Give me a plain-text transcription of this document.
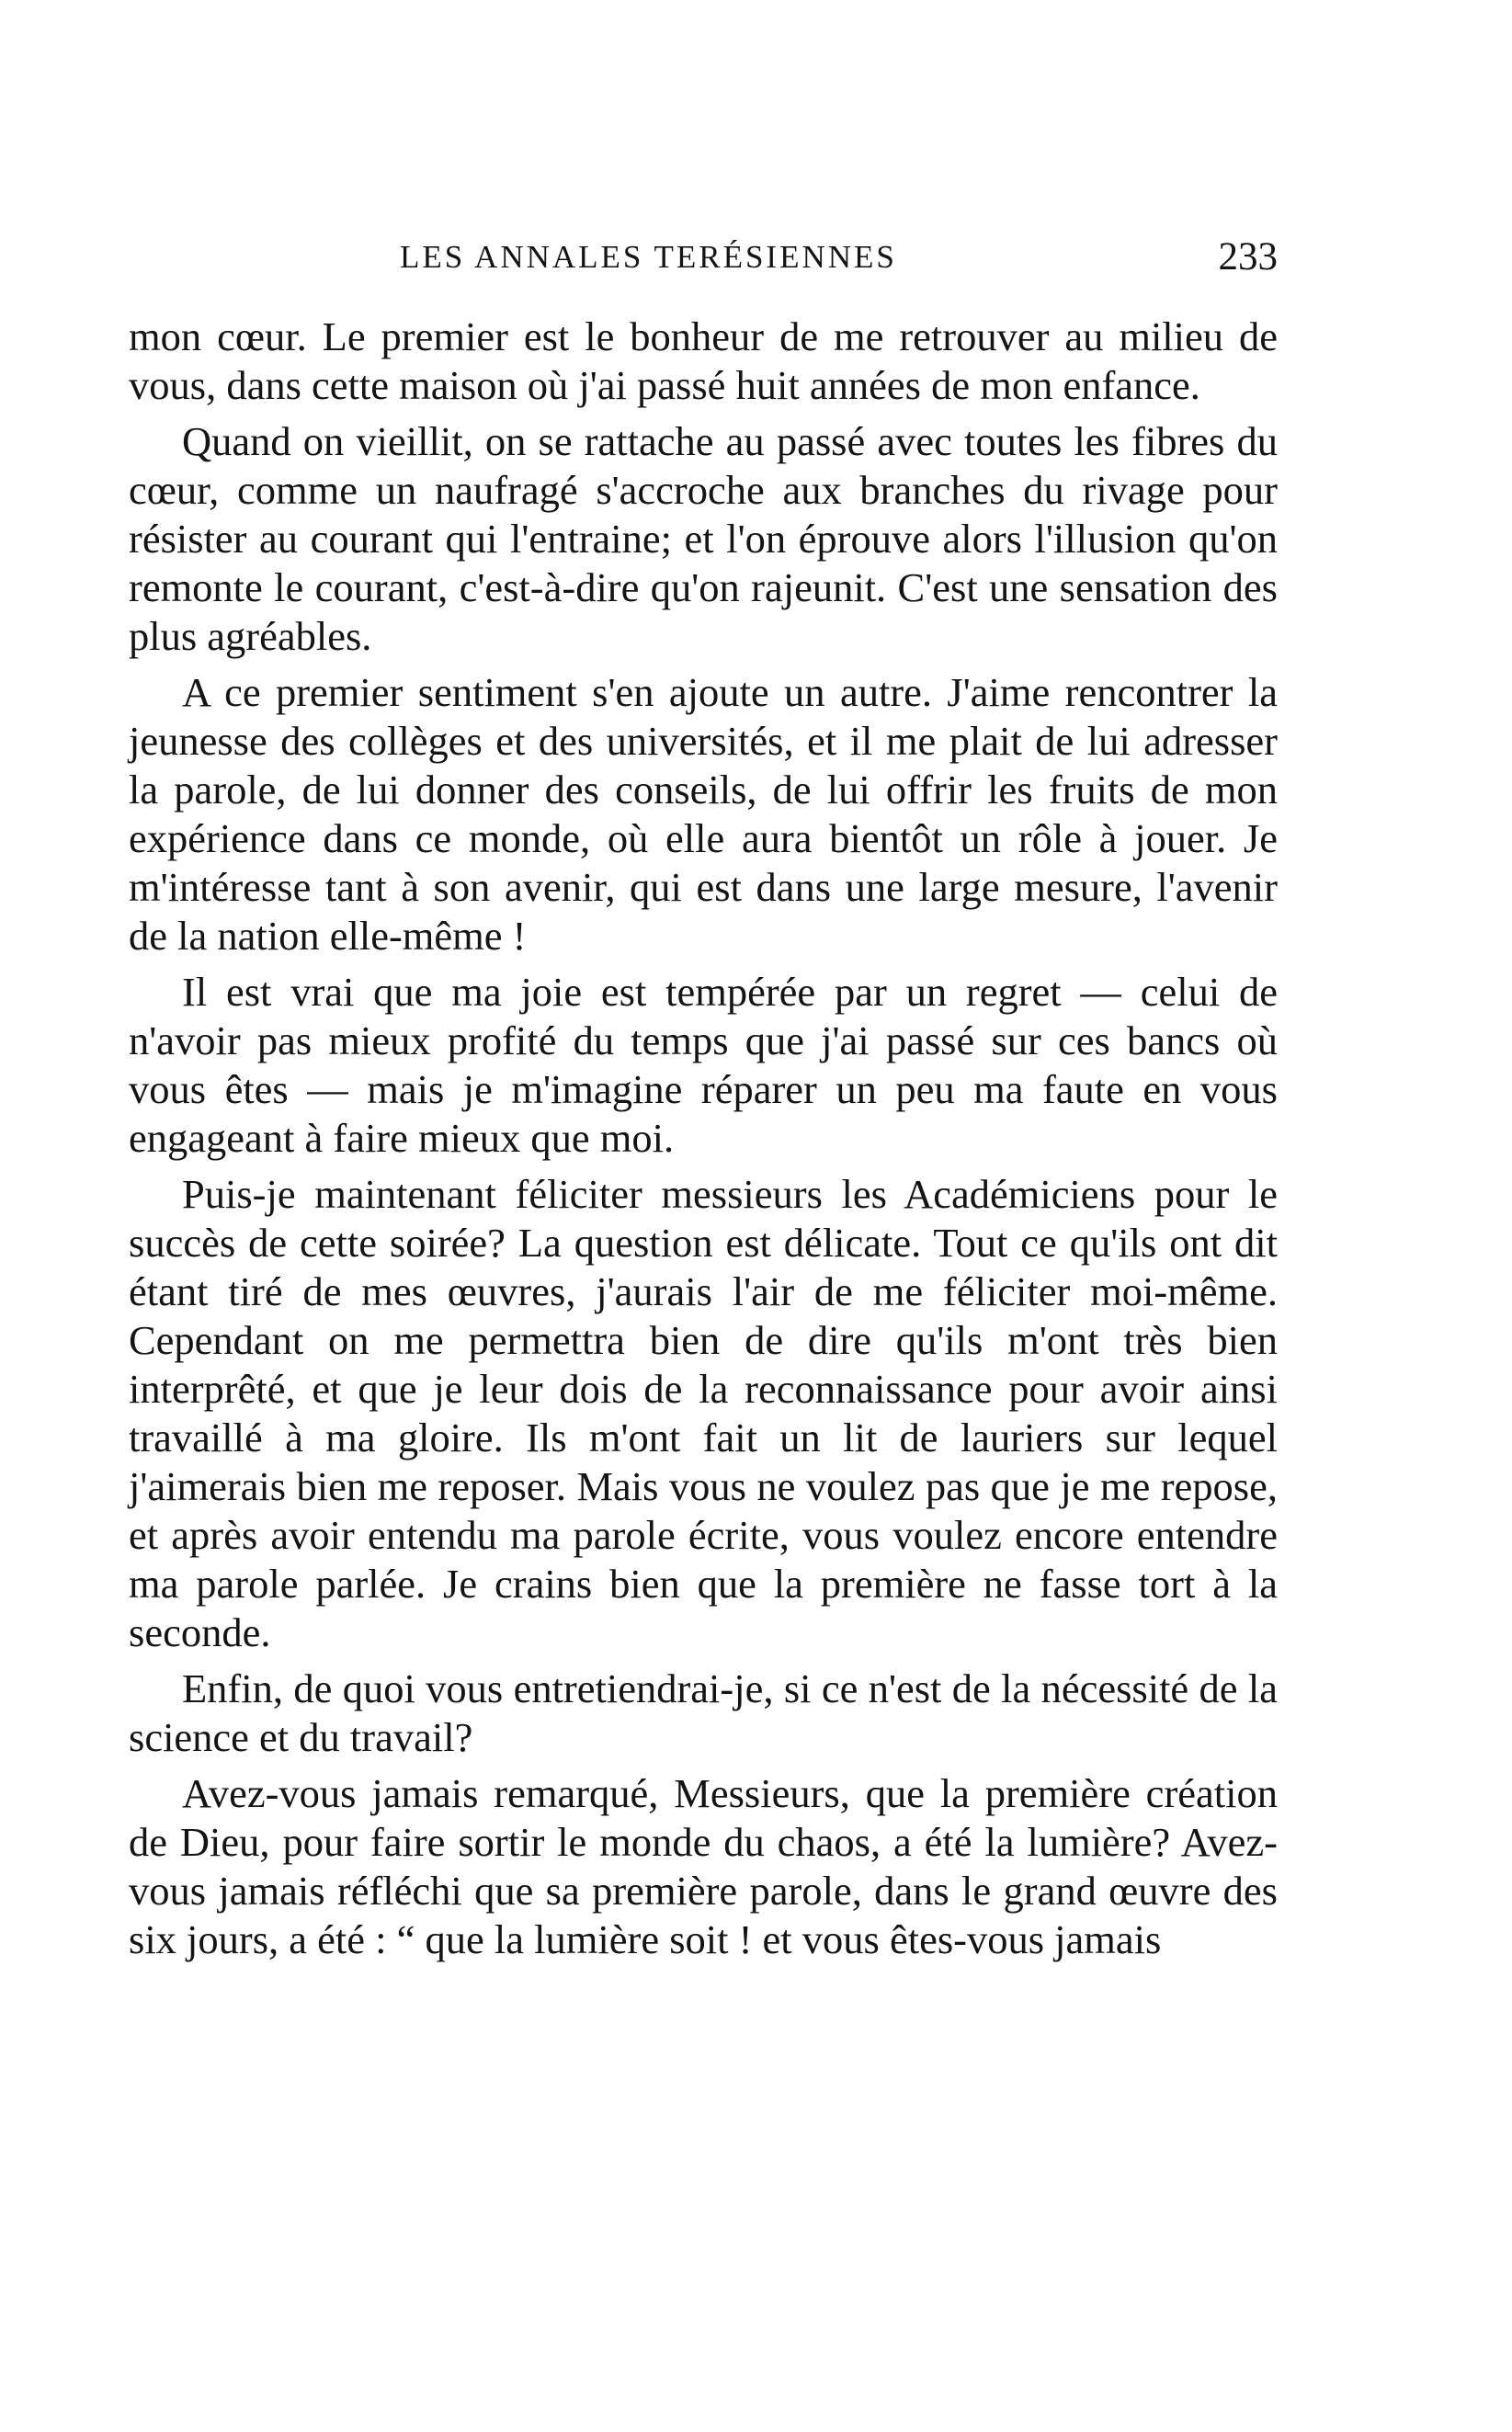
LES ANNALES TERÉSIENNES	233

mon cœur. Le premier est le bonheur de me retrouver au milieu de vous, dans cette maison où j'ai passé huit années de mon enfance.

Quand on vieillit, on se rattache au passé avec toutes les fibres du cœur, comme un naufragé s'accroche aux branches du rivage pour résister au courant qui l'entraine; et l'on éprouve alors l'illusion qu'on remonte le courant, c'est-à-dire qu'on rajeunit. C'est une sensation des plus agréables.

A ce premier sentiment s'en ajoute un autre. J'aime rencontrer la jeunesse des collèges et des universités, et il me plait de lui adresser la parole, de lui donner des conseils, de lui offrir les fruits de mon expérience dans ce monde, où elle aura bientôt un rôle à jouer. Je m'intéresse tant à son avenir, qui est dans une large mesure, l'avenir de la nation elle-même !

Il est vrai que ma joie est tempérée par un regret — celui de n'avoir pas mieux profité du temps que j'ai passé sur ces bancs où vous êtes — mais je m'imagine réparer un peu ma faute en vous engageant à faire mieux que moi.

Puis-je maintenant féliciter messieurs les Académiciens pour le succès de cette soirée? La question est délicate. Tout ce qu'ils ont dit étant tiré de mes œuvres, j'aurais l'air de me féliciter moi-même. Cependant on me permettra bien de dire qu'ils m'ont très bien interprêté, et que je leur dois de la reconnaissance pour avoir ainsi travaillé à ma gloire. Ils m'ont fait un lit de lauriers sur lequel j'aimerais bien me reposer. Mais vous ne voulez pas que je me repose, et après avoir entendu ma parole écrite, vous voulez encore entendre ma parole parlée. Je crains bien que la première ne fasse tort à la seconde.

Enfin, de quoi vous entretiendrai-je, si ce n'est de la nécessité de la science et du travail?

Avez-vous jamais remarqué, Messieurs, que la première création de Dieu, pour faire sortir le monde du chaos, a été la lumière? Avez-vous jamais réfléchi que sa première parole, dans le grand œuvre des six jours, a été : “ que la lumière soit ! et vous êtes-vous jamais
